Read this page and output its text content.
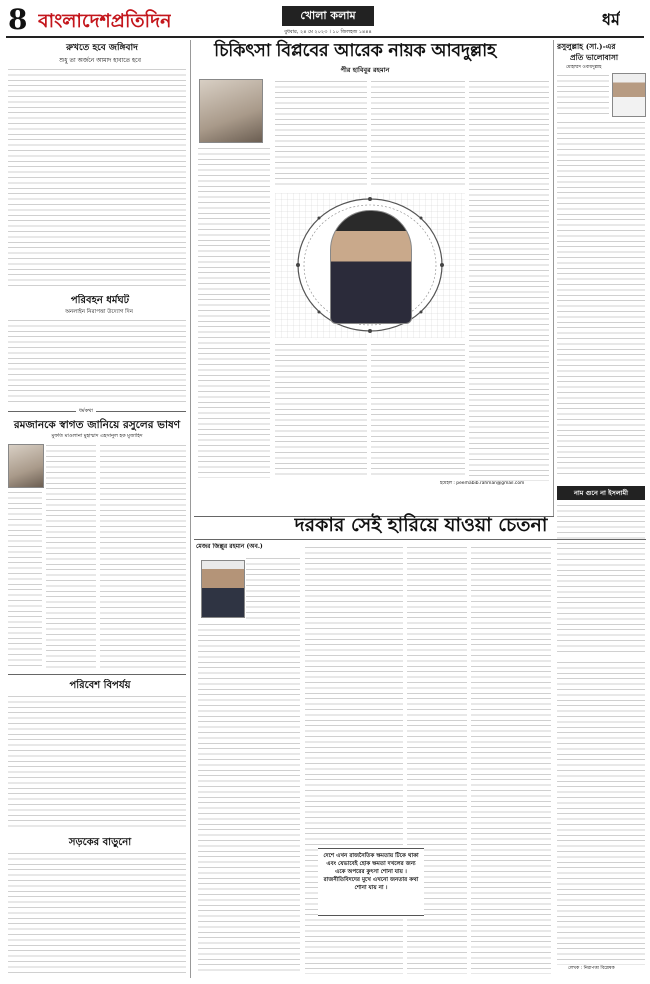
8 বাংলাদেশপ্রতিদিন	খোলা কলাম
বুধবার, ২৪ মে ২০২৩ । ১০ জিলহজ ১৪৪৪
ধর্ম
রুখতে হবে জঙ্গিবাদ
শুধু তা অর্জনে আমাদ হাবাতে হবে
পরিবহন ধর্মঘট
অনলাইন নিরাপত্তা উদ্যোগ দিন
ধর্মকথা
রমজানকে স্বাগত জানিয়ে রসুলের ভাষণ
মুফতি মাওলানা মুহাম্মাদ এহসানুল হক মুজাহিদ
পরিবেশ বিপর্যয়
সড়কের বাড়ুনো
চিকিৎসা বিপ্লবের আরেক নায়ক আবদুল্লাহ
পীর হাবিবুর রহমান
ইমেইল : peerhabib.rahman@gmail.com
রসুলুল্লাহ (সা.)-এর
প্রতি ভালোবাসা
মোহাম্মদ ওবায়দুল্লাহ
নাম গুনে না ইসলামী
দরকার সেই হারিয়ে যাওয়া চেতনা
মেজর জিল্লুর রহমান (অব.)
দেশে এখন রাজনৈতিক ক্ষমতায় টিকে থাকা এবং যেভাবেই হোক ক্ষমতা দখলের জন্য একে অপরের কুৎসা শোনা যায় । রাজনীতিবিদদের মুখে এখনো জনতার কথা শোনা যায় না ।
লেখক : নিরাপত্তা বিশ্লেষক
